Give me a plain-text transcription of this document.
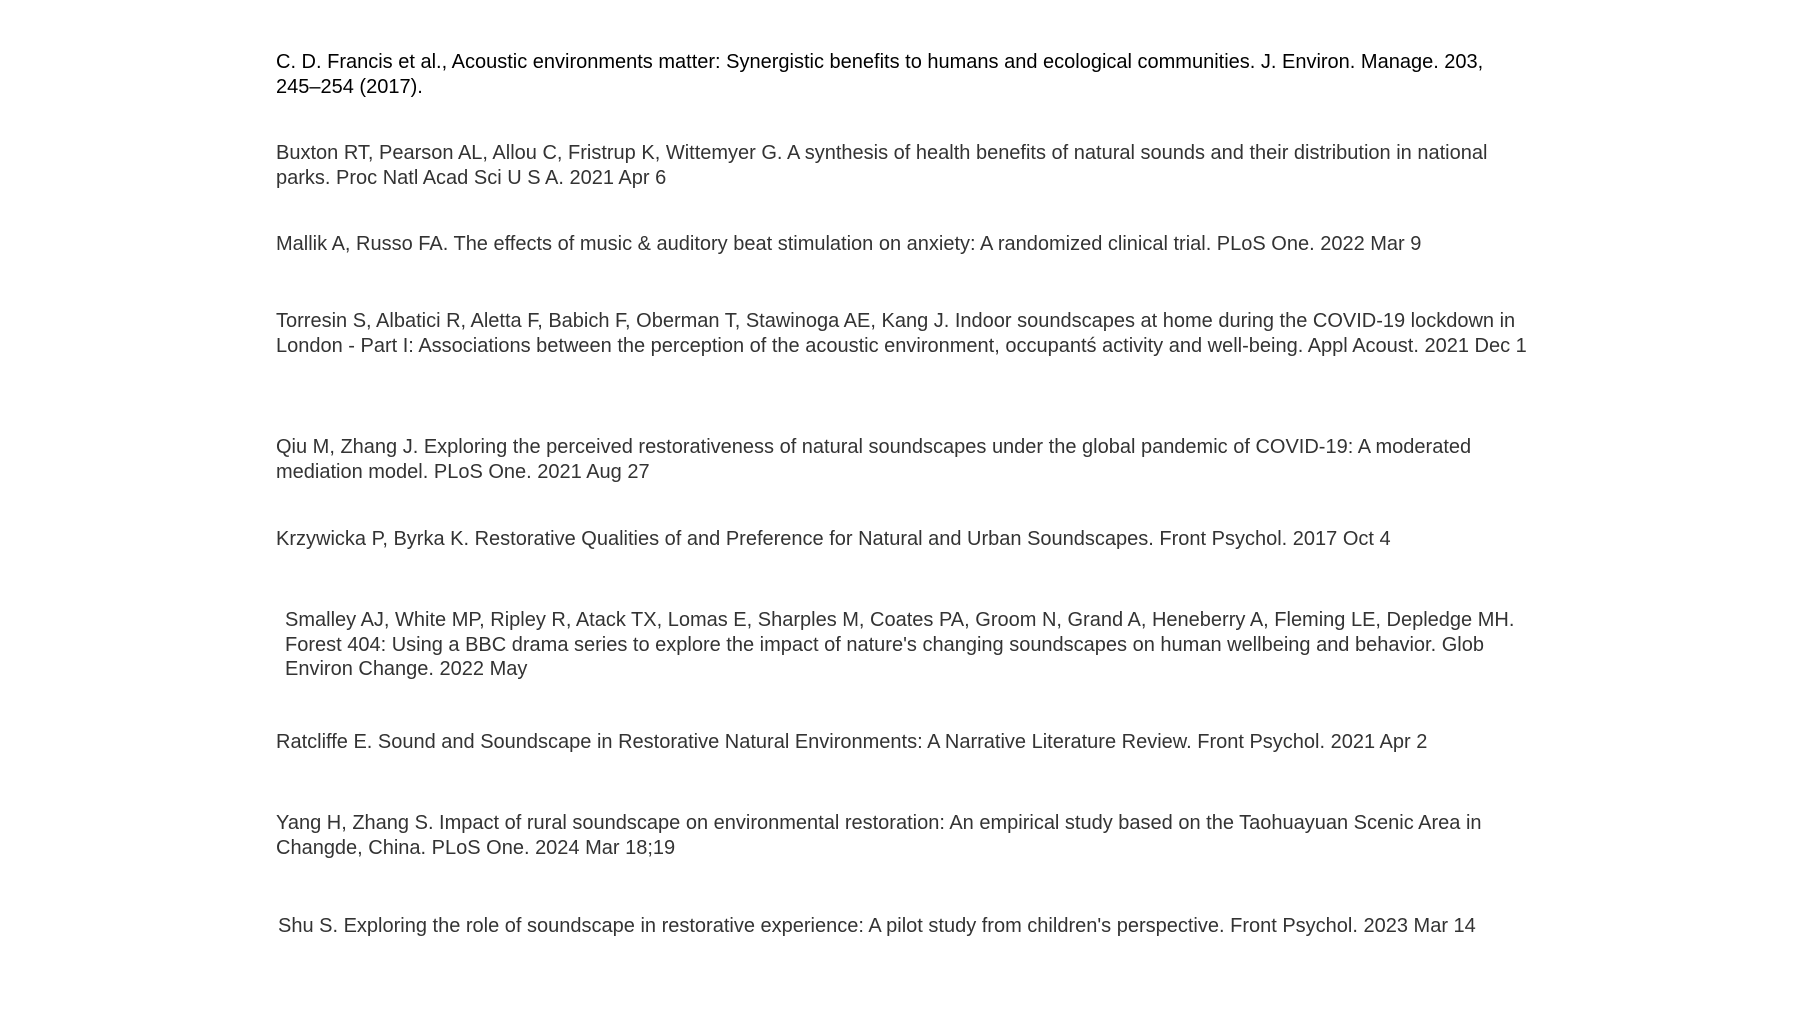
C. D. Francis et al., Acoustic environments matter: Synergistic benefits to humans and ecological communities. J. Environ. Manage. 203, 245–254 (2017).

Buxton RT, Pearson AL, Allou C, Fristrup K, Wittemyer G. A synthesis of health benefits of natural sounds and their distribution in national parks. Proc Natl Acad Sci U S A. 2021 Apr 6

Mallik A, Russo FA. The effects of music & auditory beat stimulation on anxiety: A randomized clinical trial. PLoS One. 2022 Mar 9

Torresin S, Albatici R, Aletta F, Babich F, Oberman T, Stawinoga AE, Kang J. Indoor soundscapes at home during the COVID-19 lockdown in London - Part I: Associations between the perception of the acoustic environment, occupantś activity and well-being. Appl Acoust. 2021 Dec 1

Qiu M, Zhang J. Exploring the perceived restorativeness of natural soundscapes under the global pandemic of COVID-19: A moderated mediation model. PLoS One. 2021 Aug 27

Krzywicka P, Byrka K. Restorative Qualities of and Preference for Natural and Urban Soundscapes. Front Psychol. 2017 Oct 4

Smalley AJ, White MP, Ripley R, Atack TX, Lomas E, Sharples M, Coates PA, Groom N, Grand A, Heneberry A, Fleming LE, Depledge MH. Forest 404: Using a BBC drama series to explore the impact of nature's changing soundscapes on human wellbeing and behavior. Glob Environ Change. 2022 May

Ratcliffe E. Sound and Soundscape in Restorative Natural Environments: A Narrative Literature Review. Front Psychol. 2021 Apr 2

Yang H, Zhang S. Impact of rural soundscape on environmental restoration: An empirical study based on the Taohuayuan Scenic Area in Changde, China. PLoS One. 2024 Mar 18;19

Shu S. Exploring the role of soundscape in restorative experience: A pilot study from children's perspective. Front Psychol. 2023 Mar 14
